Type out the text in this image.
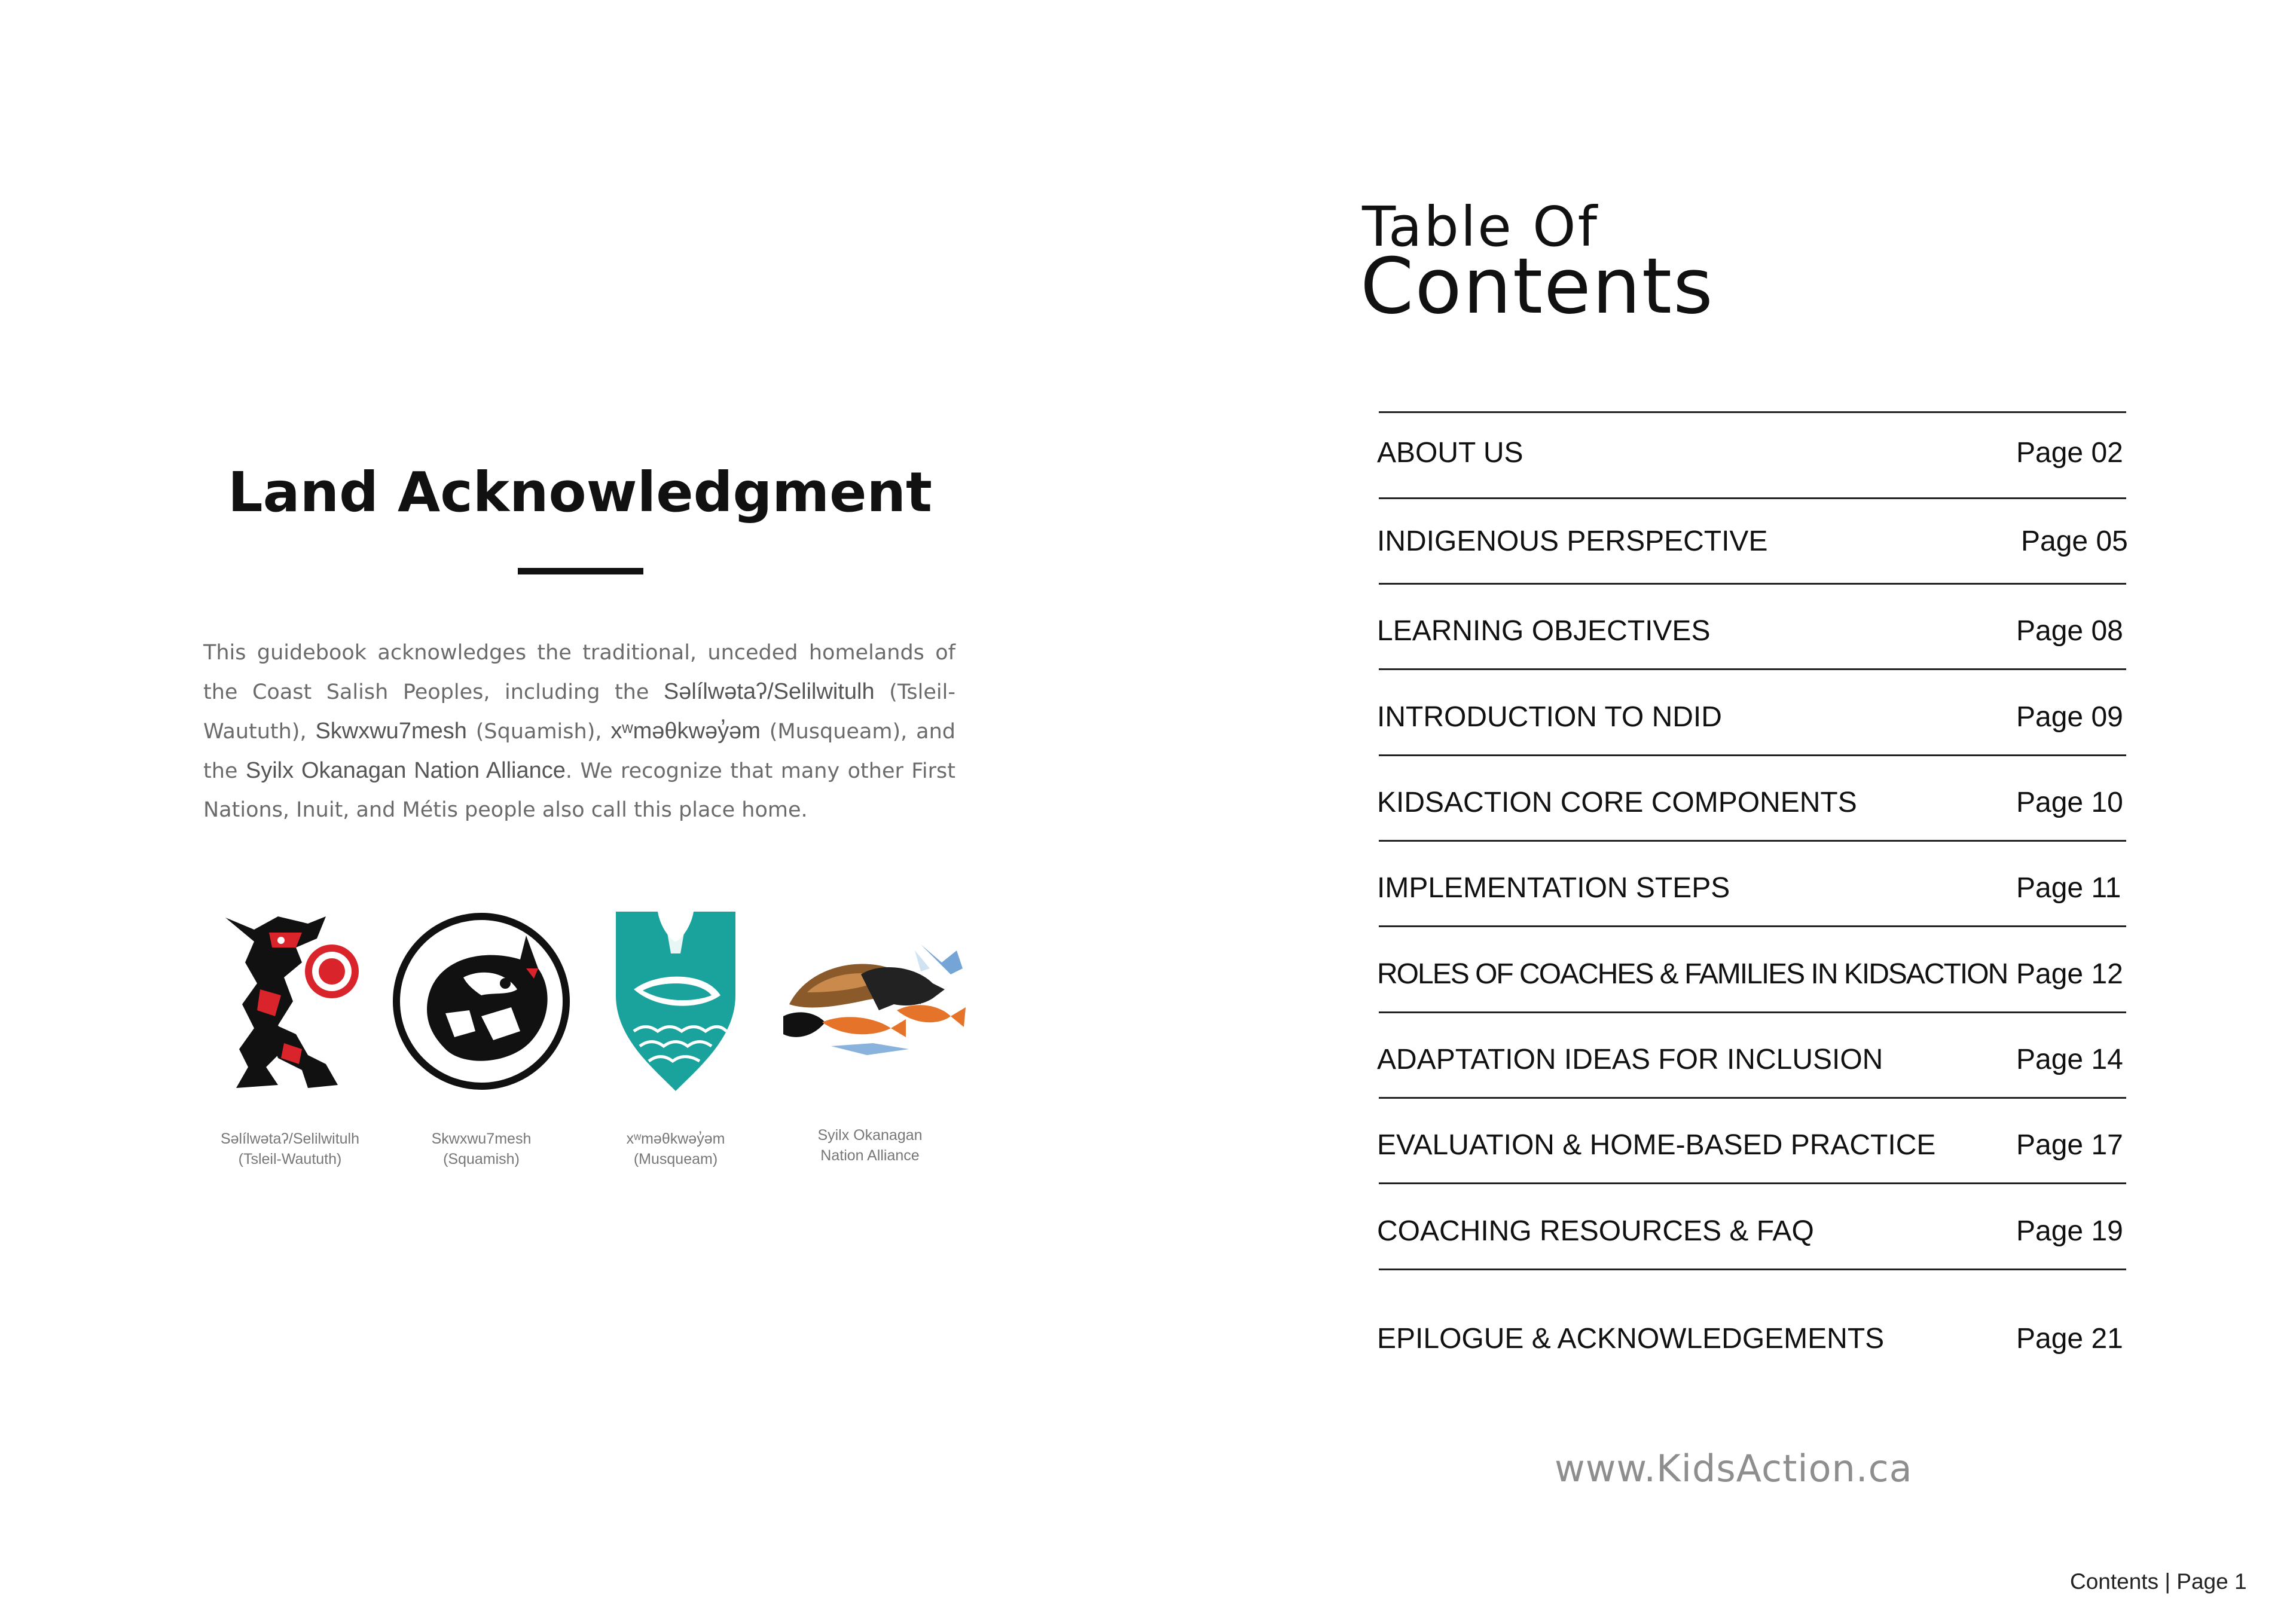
Land Acknowledgment
This guidebook acknowledges the traditional, unceded homelands of the Coast Salish Peoples, including the Səlílwətaʔ/Selilwitulh (Tsleil-Waututh), Skwxwu7mesh (Squamish), xʷməθkwəy̓əm (Musqueam), and the Syilx Okanagan Nation Alliance. We recognize that many other First Nations, Inuit, and Métis people also call this place home.
Səlílwətaʔ/Selilwitulh
(Tsleil-Waututh)
Skwxwu7mesh
(Squamish)
xʷməθkwəy̓əm
(Musqueam)
Syilx Okanagan
Nation Alliance
Table Of
Contents
ABOUT US	Page 02
INDIGENOUS PERSPECTIVE	Page 05
LEARNING OBJECTIVES	Page 08
INTRODUCTION TO NDID	Page 09
KIDSACTION CORE COMPONENTS	Page 10
IMPLEMENTATION STEPS	Page 11
ROLES OF COACHES & FAMILIES IN KIDSACTION Page 12
ADAPTATION IDEAS FOR INCLUSION	Page 14
EVALUATION & HOME-BASED PRACTICE	Page 17
COACHING RESOURCES & FAQ	Page 19
EPILOGUE & ACKNOWLEDGEMENTS	Page 21
www.KidsAction.ca
Contents | Page 1
